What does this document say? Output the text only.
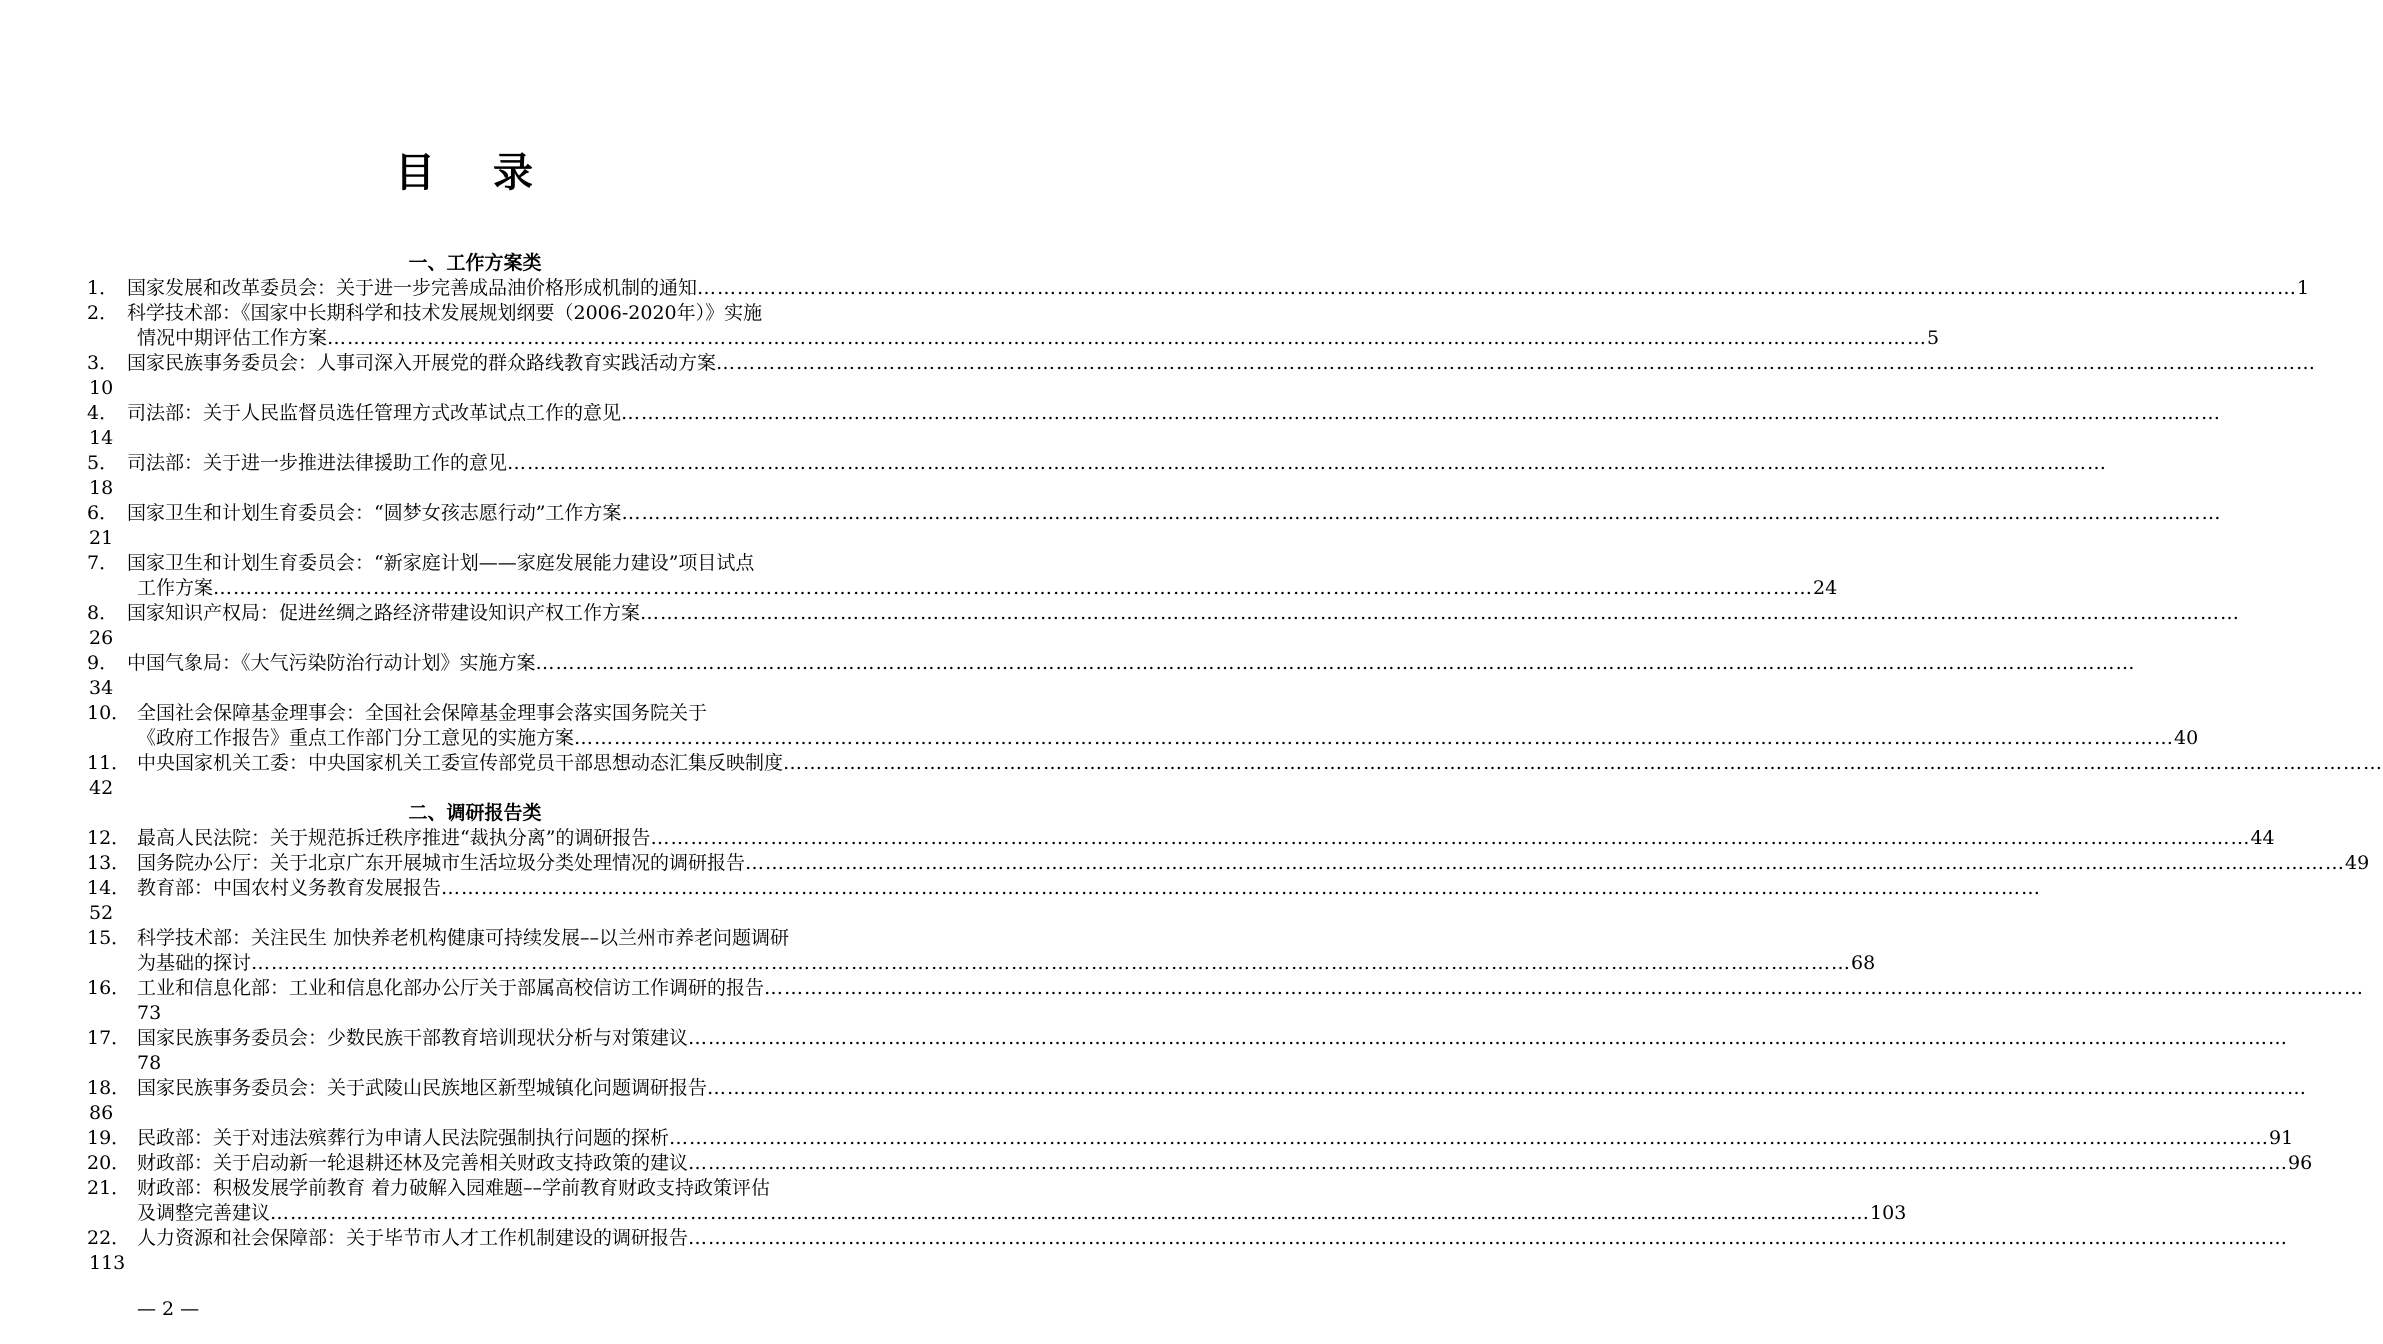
目 录
一、工作方案类
1． 国家发展和改革委员会：关于进一步完善成品油价格形成机制的通知 …………………………………………………………………………………………………………………………………………………………………………………………………………………… 1
2． 科学技术部：《国家中长期科学和技术发展规划纲要（2006-2020年）》实施
情况中期评估工作方案 …………………………………………………………………………………………………………………………………………………………………………………………………………………… 5
3． 国家民族事务委员会：人事司深入开展党的群众路线教育实践活动方案 ……………………………………………………………………………………………………………………………………………………………………………………………………………………
10
4． 司法部：关于人民监督员选任管理方式改革试点工作的意见 ……………………………………………………………………………………………………………………………………………………………………………………………………………………
14
5． 司法部：关于进一步推进法律援助工作的意见 ……………………………………………………………………………………………………………………………………………………………………………………………………………………
18
6． 国家卫生和计划生育委员会：“圆梦女孩志愿行动”工作方案 ……………………………………………………………………………………………………………………………………………………………………………………………………………………
21
7． 国家卫生和计划生育委员会：“新家庭计划——家庭发展能力建设”项目试点
工作方案 …………………………………………………………………………………………………………………………………………………………………………………………………………………… 24
8． 国家知识产权局：促进丝绸之路经济带建设知识产权工作方案 ……………………………………………………………………………………………………………………………………………………………………………………………………………………
26
9． 中国气象局：《大气污染防治行动计划》实施方案 ……………………………………………………………………………………………………………………………………………………………………………………………………………………
34
10． 全国社会保障基金理事会：全国社会保障基金理事会落实国务院关于
《政府工作报告》重点工作部门分工意见的实施方案 …………………………………………………………………………………………………………………………………………………………………………………………………………………… 40
11． 中央国家机关工委：中央国家机关工委宣传部党员干部思想动态汇集反映制度 ……………………………………………………………………………………………………………………………………………………………………………………………………………………
42
二、调研报告类
12． 最高人民法院：关于规范拆迁秩序推进“裁执分离”的调研报告 …………………………………………………………………………………………………………………………………………………………………………………………………………………… 44
13． 国务院办公厅：关于北京广东开展城市生活垃圾分类处理情况的调研报告 …………………………………………………………………………………………………………………………………………………………………………………………………………………… 49
14． 教育部：中国农村义务教育发展报告 ……………………………………………………………………………………………………………………………………………………………………………………………………………………
52
15． 科学技术部：关注民生 加快养老机构健康可持续发展––以兰州市养老问题调研
为基础的探讨 …………………………………………………………………………………………………………………………………………………………………………………………………………………… 68
16． 工业和信息化部：工业和信息化部办公厅关于部属高校信访工作调研的报告 ……………………………………………………………………………………………………………………………………………………………………………………………………………………
73
17． 国家民族事务委员会：少数民族干部教育培训现状分析与对策建议 ……………………………………………………………………………………………………………………………………………………………………………………………………………………
78
18． 国家民族事务委员会：关于武陵山民族地区新型城镇化问题调研报告 ……………………………………………………………………………………………………………………………………………………………………………………………………………………
86
19． 民政部：关于对违法殡葬行为申请人民法院强制执行问题的探析 …………………………………………………………………………………………………………………………………………………………………………………………………………………… 91
20． 财政部：关于启动新一轮退耕还林及完善相关财政支持政策的建议 …………………………………………………………………………………………………………………………………………………………………………………………………………………… 96
21． 财政部：积极发展学前教育 着力破解入园难题––学前教育财政支持政策评估
及调整完善建议 …………………………………………………………………………………………………………………………………………………………………………………………………………………… 103
22． 人力资源和社会保障部：关于毕节市人才工作机制建设的调研报告 ……………………………………………………………………………………………………………………………………………………………………………………………………………………
113
— 2 —
